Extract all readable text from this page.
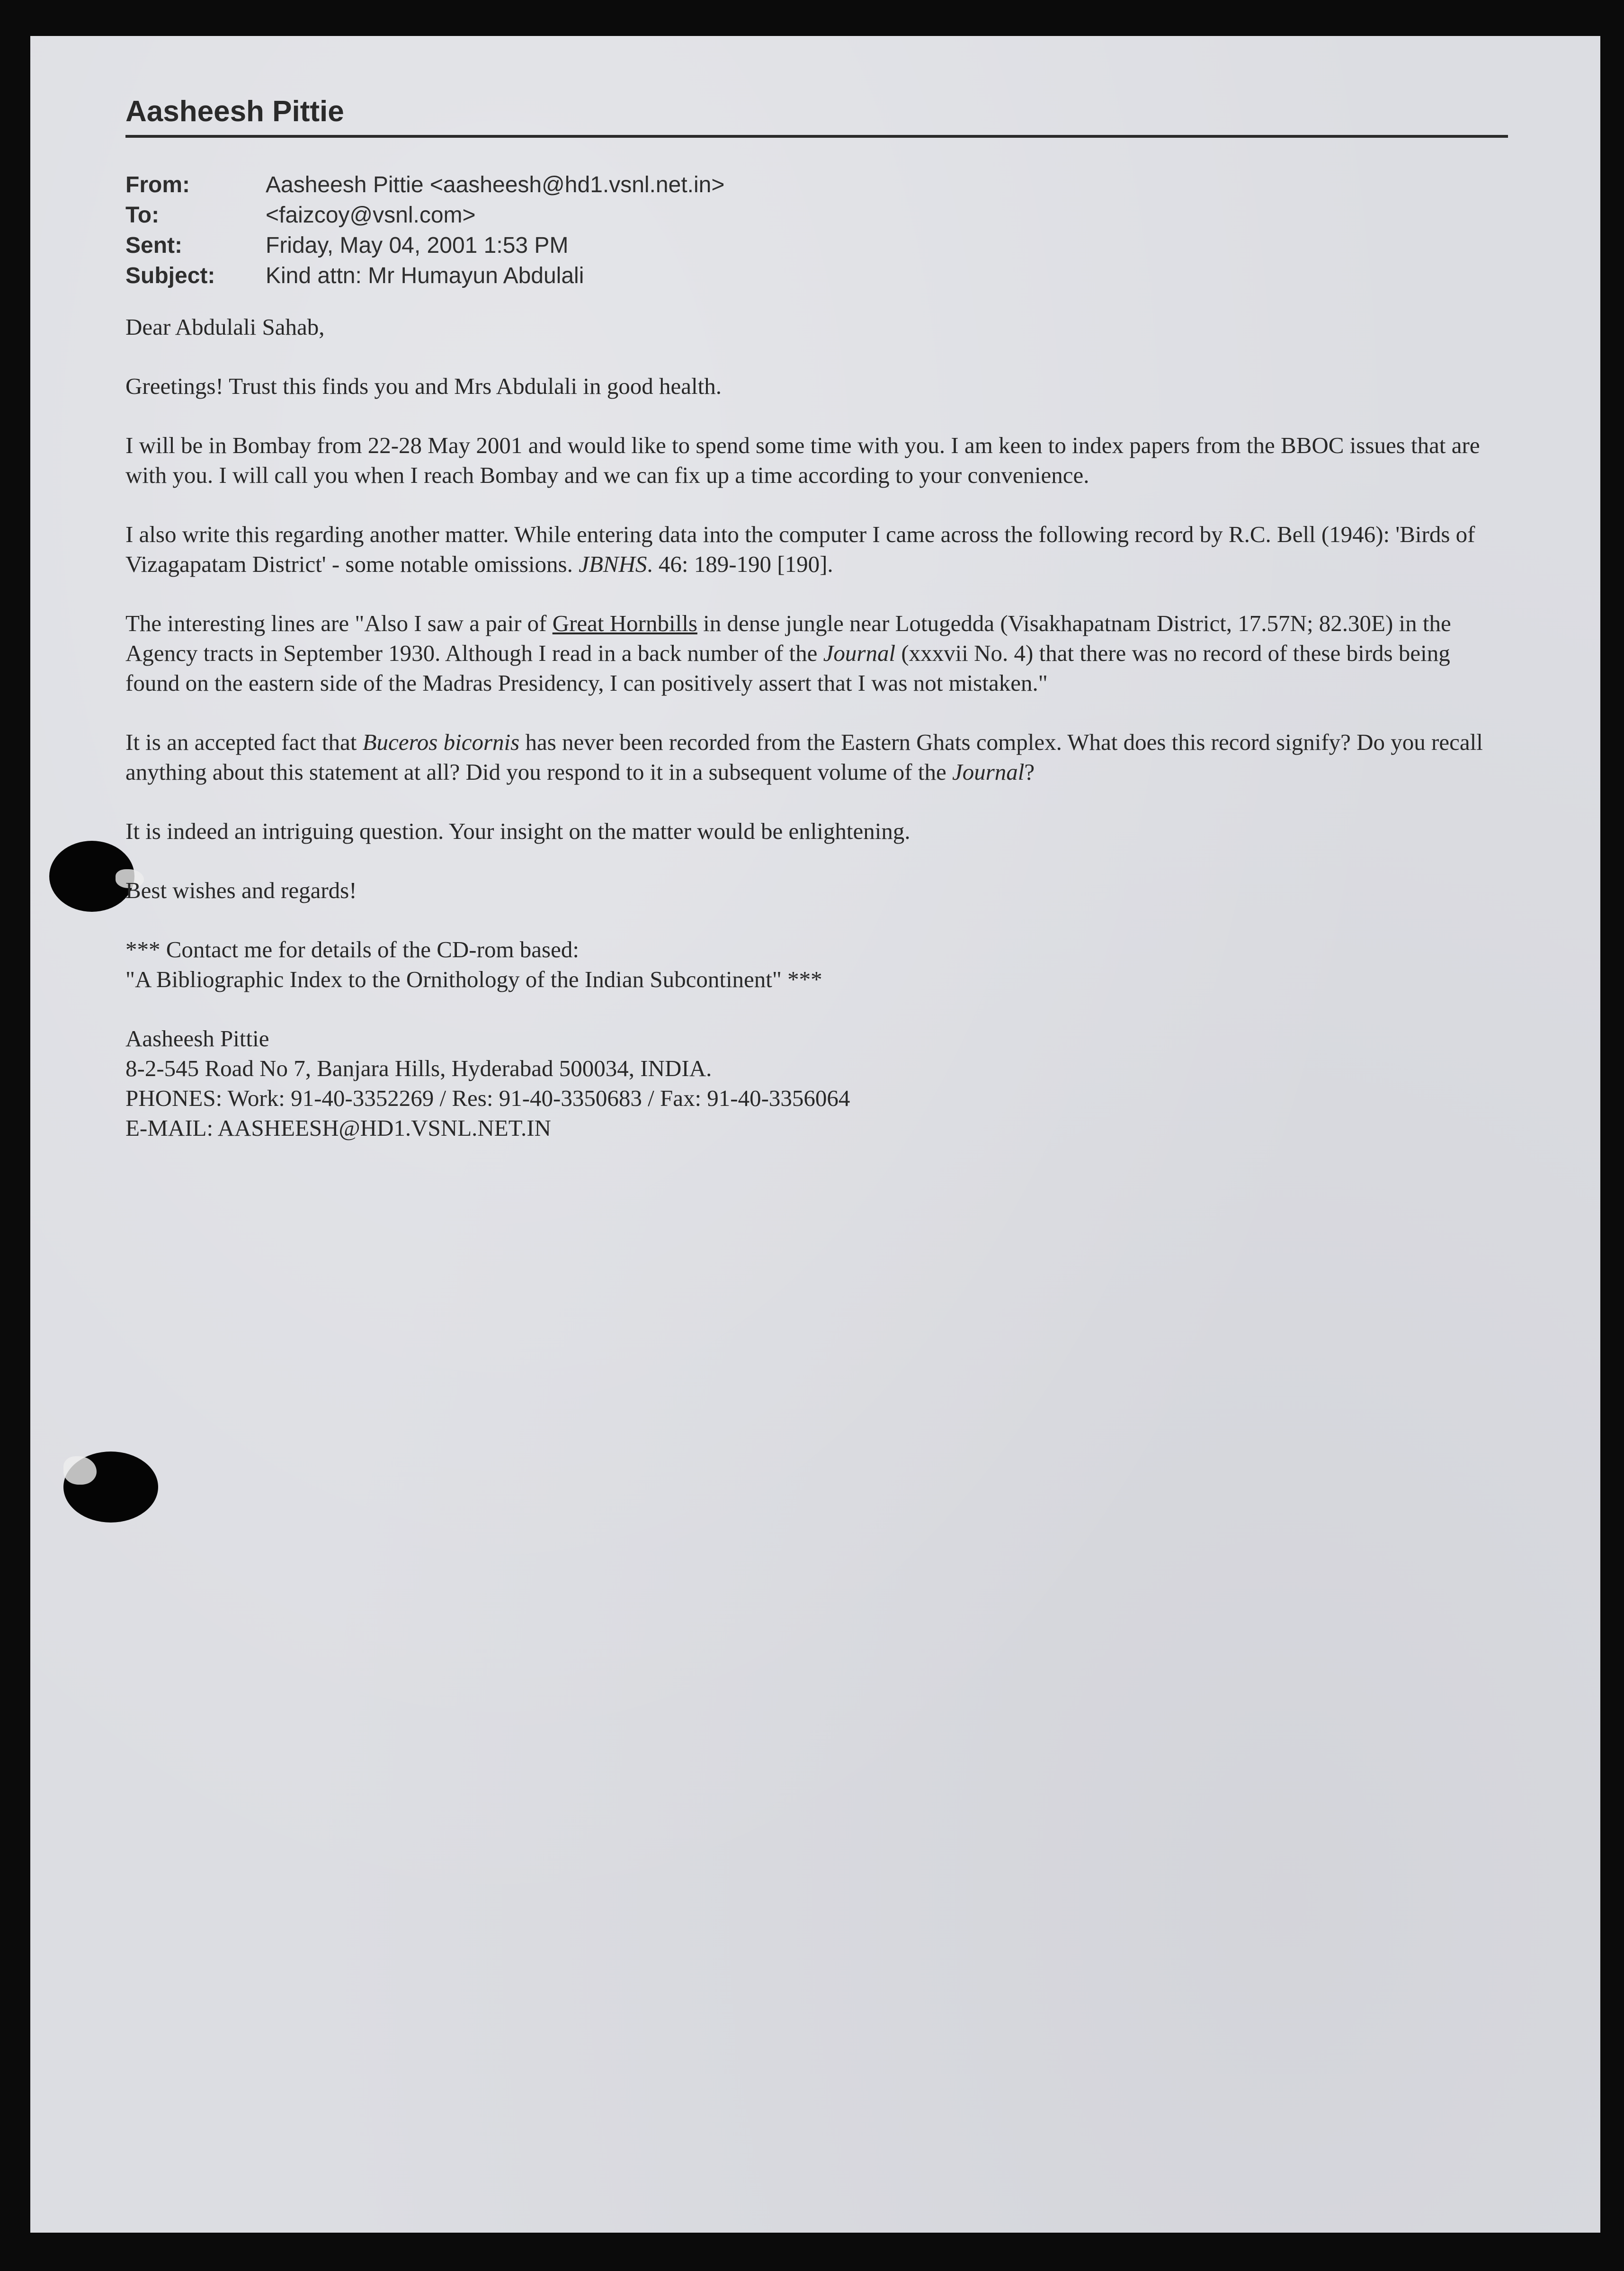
Aasheesh Pittie
From:	Aasheesh Pittie <aasheesh@hd1.vsnl.net.in>
To:	<faizcoy@vsnl.com>
Sent:	Friday, May 04, 2001 1:53 PM
Subject:	Kind attn: Mr Humayun Abdulali

Dear Abdulali Sahab,

Greetings! Trust this finds you and Mrs Abdulali in good health.

I will be in Bombay from 22-28 May 2001 and would like to spend some time with you. I am keen to index papers from the BBOC issues that are with you. I will call you when I reach Bombay and we can fix up a time according to your convenience.

I also write this regarding another matter. While entering data into the computer I came across the following record by R.C. Bell (1946): 'Birds of Vizagapatam District' - some notable omissions. JBNHS. 46: 189-190 [190].

The interesting lines are "Also I saw a pair of Great Hornbills in dense jungle near Lotugedda (Visakhapatnam District, 17.57N; 82.30E) in the Agency tracts in September 1930. Although I read in a back number of the Journal (xxxvii No. 4) that there was no record of these birds being found on the eastern side of the Madras Presidency, I can positively assert that I was not mistaken."

It is an accepted fact that Buceros bicornis has never been recorded from the Eastern Ghats complex. What does this record signify? Do you recall anything about this statement at all? Did you respond to it in a subsequent volume of the Journal?

It is indeed an intriguing question. Your insight on the matter would be enlightening.

Best wishes and regards!

*** Contact me for details of the CD-rom based:

"A Bibliographic Index to the Ornithology of the Indian Subcontinent" ***

Aasheesh Pittie
8-2-545 Road No 7, Banjara Hills, Hyderabad 500034, INDIA.
PHONES: Work: 91-40-3352269 / Res: 91-40-3350683 / Fax: 91-40-3356064
E-MAIL: AASHEESH@HD1.VSNL.NET.IN
